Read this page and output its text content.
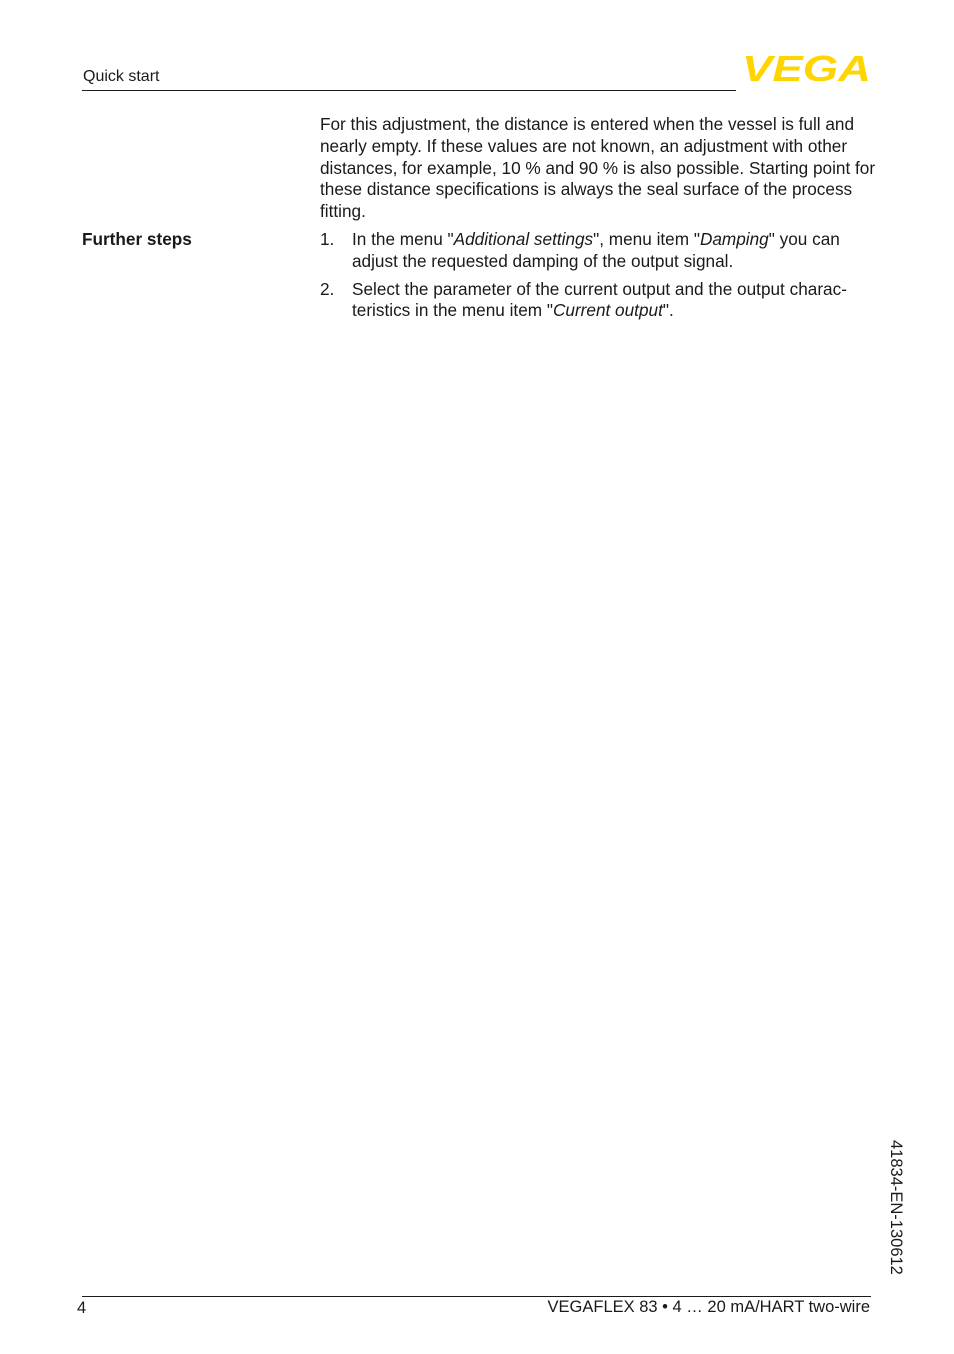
Quick start	VEGA

For this adjustment, the distance is entered when the vessel is full and nearly empty. If these values are not known, an adjustment with other distances, for example, 10 % and 90 % is also possible. Starting point for these distance specifications is always the seal surface of the process fitting.

Further steps	1. In the menu "Additional settings", menu item "Damping" you can adjust the requested damping of the output signal.
2. Select the parameter of the current output and the output characteristics in the menu item "Current output".
41834-EN-130612
4	VEGAFLEX 83 • 4 … 20 mA/HART two-wire
